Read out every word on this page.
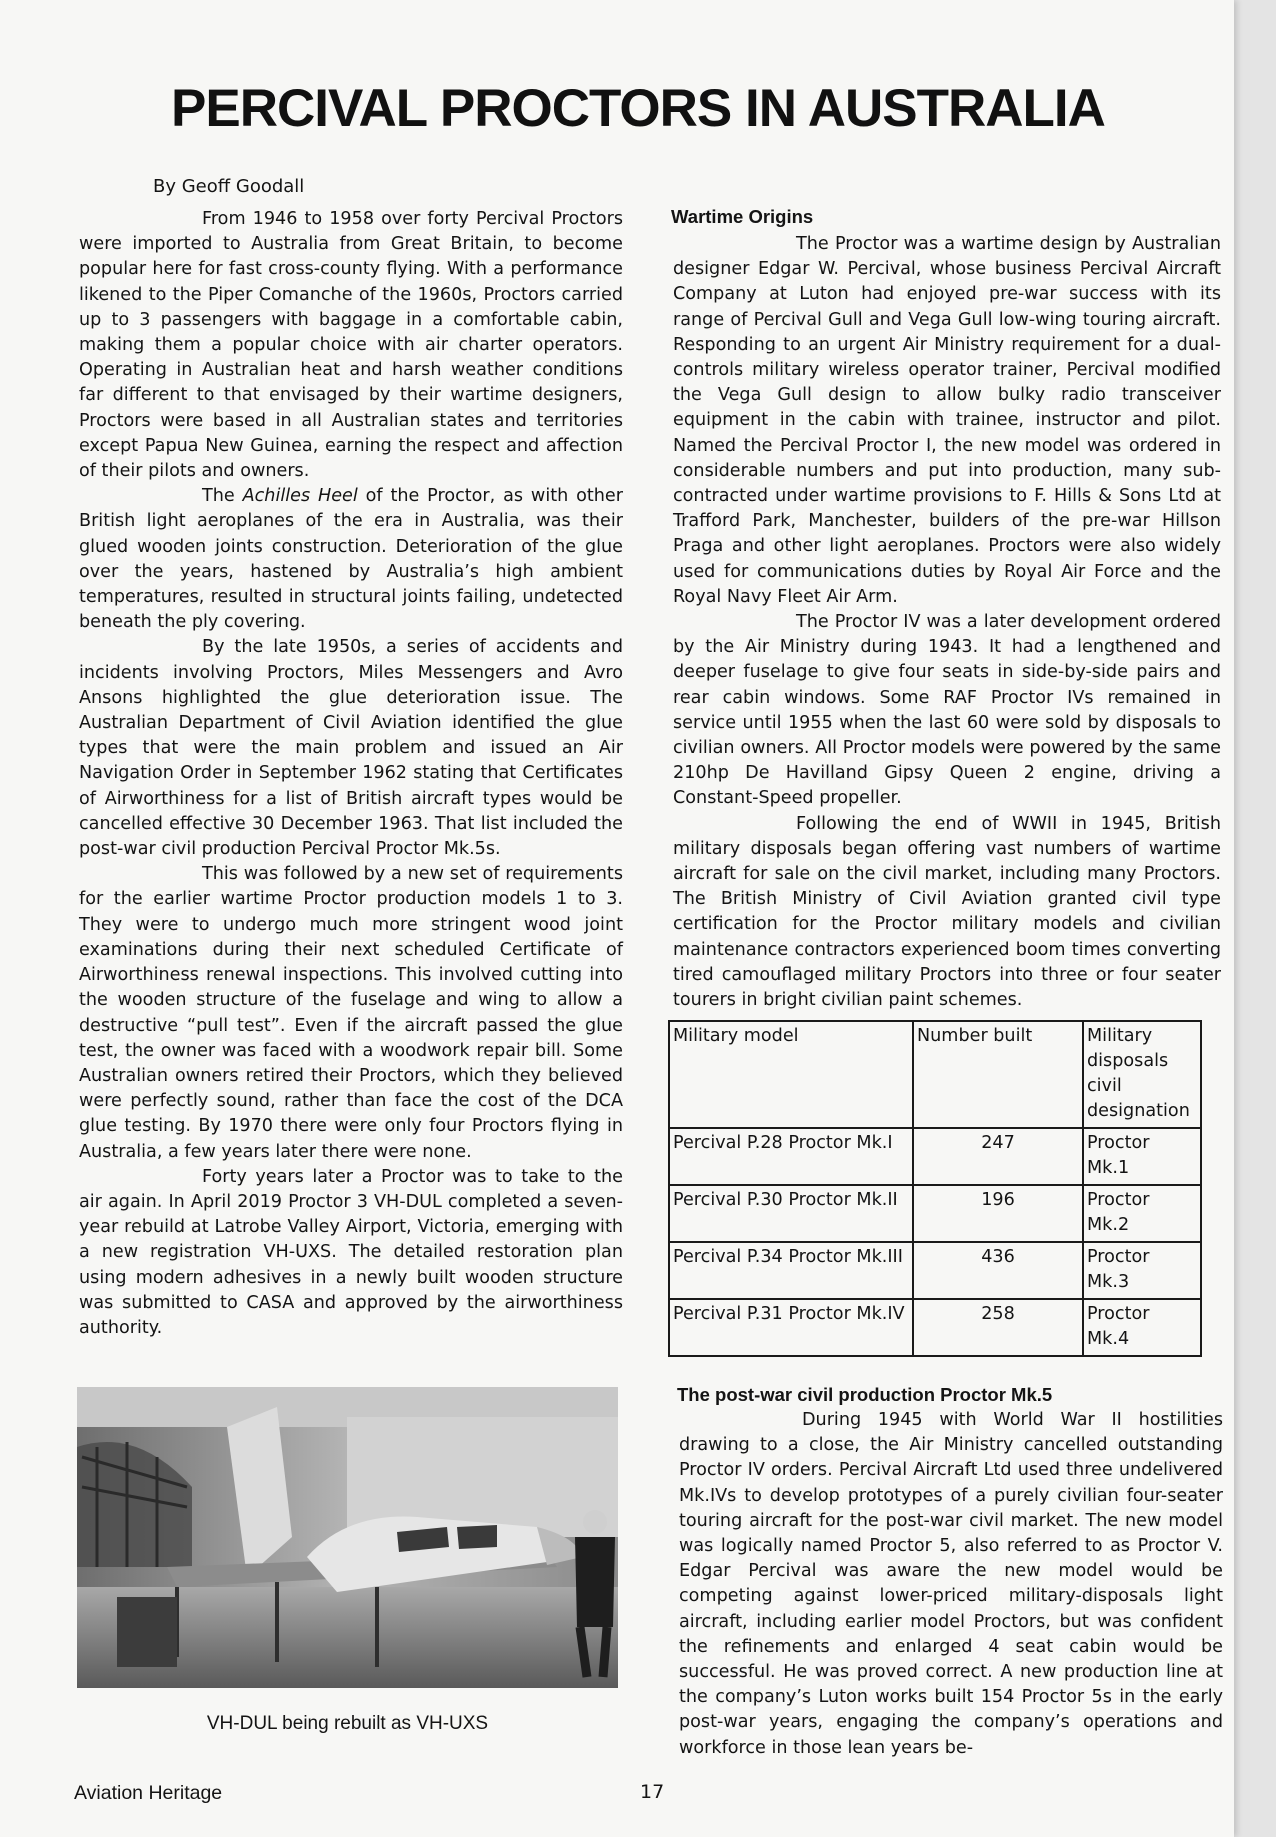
PERCIVAL PROCTORS IN AUSTRALIA

By Geoff Goodall

From 1946 to 1958 over forty Percival Proctors were imported to Australia from Great Britain, to become popular here for fast cross-county flying. With a performance likened to the Piper Comanche of the 1960s, Proctors carried up to 3 passengers with baggage in a comfortable cabin, making them a popular choice with air charter operators. Operating in Australian heat and harsh weather conditions far different to that envisaged by their wartime designers, Proctors were based in all Australian states and territories except Papua New Guinea, earning the respect and affection of their pilots and owners.

The Achilles Heel of the Proctor, as with other British light aeroplanes of the era in Australia, was their glued wooden joints construction. Deterioration of the glue over the years, hastened by Australia’s high ambient temperatures, resulted in structural joints failing, undetected beneath the ply covering.

By the late 1950s, a series of accidents and incidents involving Proctors, Miles Messengers and Avro Ansons highlighted the glue deterioration issue. The Australian Department of Civil Aviation identified the glue types that were the main problem and issued an Air Navigation Order in September 1962 stating that Certificates of Airworthiness for a list of British aircraft types would be cancelled effective 30 December 1963. That list included the post-war civil production Percival Proctor Mk.5s.

This was followed by a new set of requirements for the earlier wartime Proctor production models 1 to 3. They were to undergo much more stringent wood joint examinations during their next scheduled Certificate of Airworthiness renewal inspections. This involved cutting into the wooden structure of the fuselage and wing to allow a destructive “pull test”. Even if the aircraft passed the glue test, the owner was faced with a woodwork repair bill. Some Australian owners retired their Proctors, which they believed were perfectly sound, rather than face the cost of the DCA glue testing. By 1970 there were only four Proctors flying in Australia, a few years later there were none.

Forty years later a Proctor was to take to the air again. In April 2019 Proctor 3 VH-DUL completed a seven-year rebuild at Latrobe Valley Airport, Victoria, emerging with a new registration VH-UXS. The detailed restoration plan using modern adhesives in a newly built wooden structure was submitted to CASA and approved by the airworthiness authority.

VH-DUL being rebuilt as VH-UXS

Wartime Origins

The Proctor was a wartime design by Australian designer Edgar W. Percival, whose business Percival Aircraft Company at Luton had enjoyed pre-war success with its range of Percival Gull and Vega Gull low-wing touring aircraft. Responding to an urgent Air Ministry requirement for a dual-controls military wireless operator trainer, Percival modified the Vega Gull design to allow bulky radio transceiver equipment in the cabin with trainee, instructor and pilot. Named the Percival Proctor I, the new model was ordered in considerable numbers and put into production, many sub-contracted under wartime provisions to F. Hills & Sons Ltd at Trafford Park, Manchester, builders of the pre-war Hillson Praga and other light aeroplanes. Proctors were also widely used for communications duties by Royal Air Force and the Royal Navy Fleet Air Arm.

The Proctor IV was a later development ordered by the Air Ministry during 1943. It had a lengthened and deeper fuselage to give four seats in side-by-side pairs and rear cabin windows. Some RAF Proctor IVs remained in service until 1955 when the last 60 were sold by disposals to civilian owners. All Proctor models were powered by the same 210hp De Havilland Gipsy Queen 2 engine, driving a Constant-Speed propeller.

Following the end of WWII in 1945, British military disposals began offering vast numbers of wartime aircraft for sale on the civil market, including many Proctors. The British Ministry of Civil Aviation granted civil type certification for the Proctor military models and civilian maintenance contractors experienced boom times converting tired camouflaged military Proctors into three or four seater tourers in bright civilian paint schemes.

Military model	Number built	Military disposals civil designation
Percival P.28 Proctor Mk.I	247	Proctor Mk.1
Percival P.30 Proctor Mk.II	196	Proctor Mk.2
Percival P.34 Proctor Mk.III	436	Proctor Mk.3
Percival P.31 Proctor Mk.IV	258	Proctor Mk.4
The post-war civil production Proctor Mk.5

During 1945 with World War II hostilities drawing to a close, the Air Ministry cancelled outstanding Proctor IV orders. Percival Aircraft Ltd used three undelivered Mk.IVs to develop prototypes of a purely civilian four-seater touring aircraft for the post-war civil market. The new model was logically named Proctor 5, also referred to as Proctor V. Edgar Percival was aware the new model would be competing against lower-priced military-disposals light aircraft, including earlier model Proctors, but was confident the refinements and enlarged 4 seat cabin would be successful. He was proved correct. A new production line at the company’s Luton works built 154 Proctor 5s in the early post-war years, engaging the company’s operations and workforce in those lean years be-

Aviation Heritage	17
